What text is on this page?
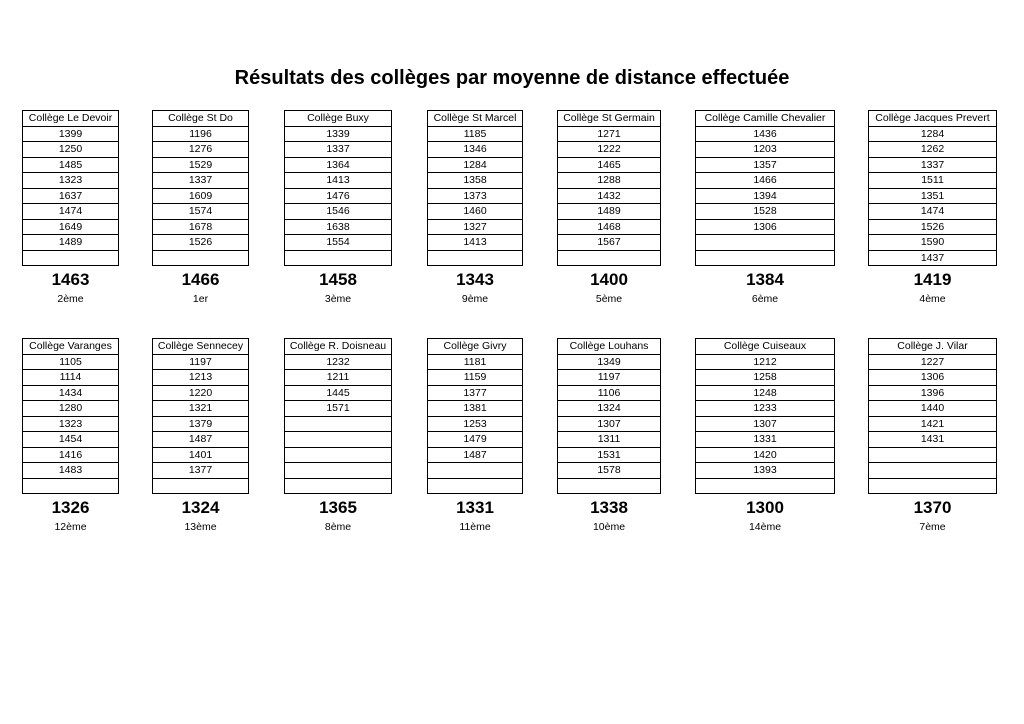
Résultats des collèges par moyenne de distance effectuée
Collège Le Devoir
1399
1250
1485
1323
1637
1474
1649
1489

1463
2ème
Collège St Do
1196
1276
1529
1337
1609
1574
1678
1526

1466
1er
Collège Buxy
1339
1337
1364
1413
1476
1546
1638
1554

1458
3ème
Collège St Marcel
1185
1346
1284
1358
1373
1460
1327
1413

1343
9ème
Collège St Germain
1271
1222
1465
1288
1432
1489
1468
1567

1400
5ème
Collège Camille Chevalier
1436
1203
1357
1466
1394
1528
1306

1384
6ème
Collège Jacques Prevert
1284
1262
1337
1511
1351
1474
1526
1590
1437
1419
4ème
Collège Varanges
1105
1114
1434
1280
1323
1454
1416
1483

1326
12ème
Collège Sennecey
1197
1213
1220
1321
1379
1487
1401
1377

1324
13ème
Collège R. Doisneau
1232
1211
1445
1571

1365
8ème
Collège Givry
1181
1159
1377
1381
1253
1479
1487

1331
11ème
Collège Louhans
1349
1197
1106
1324
1307
1311
1531
1578

1338
10ème
Collège Cuiseaux
1212
1258
1248
1233
1307
1331
1420
1393

1300
14ème
Collège J. Vilar
1227
1306
1396
1440
1421
1431

1370
7ème
